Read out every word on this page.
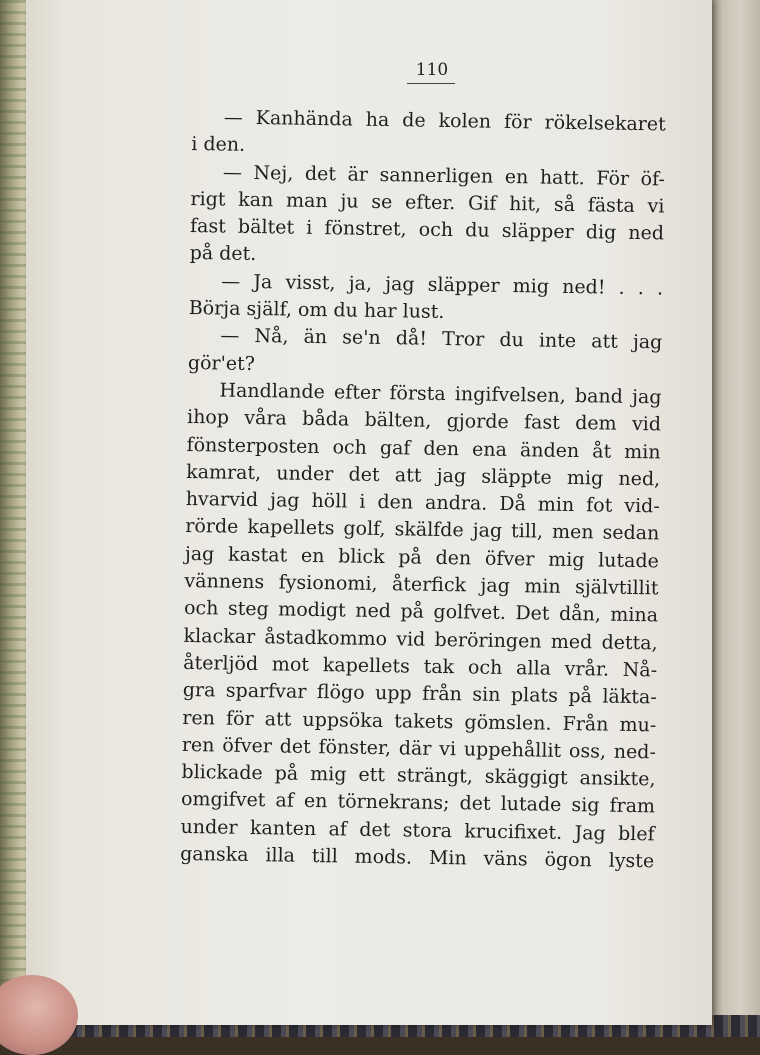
110
— Kanhända ha de kolen för rökelsekaret
i den.
— Nej, det är sannerligen en hatt. För öf-
rigt kan man ju se efter. Gif hit, så fästa vi
fast bältet i fönstret, och du släpper dig ned
på det.
— Ja visst, ja, jag släpper mig ned! . . .
Börja själf, om du har lust.
— Nå, än se'n då! Tror du inte att jag
gör'et?
Handlande efter första ingifvelsen, band jag
ihop våra båda bälten, gjorde fast dem vid
fönsterposten och gaf den ena änden åt min
kamrat, under det att jag släppte mig ned,
hvarvid jag höll i den andra. Då min fot vid-
rörde kapellets golf, skälfde jag till, men sedan
jag kastat en blick på den öfver mig lutade
vännens fysionomi, återfick jag min självtillit
och steg modigt ned på golfvet. Det dån, mina
klackar åstadkommo vid beröringen med detta,
återljöd mot kapellets tak och alla vrår. Nå-
gra sparfvar flögo upp från sin plats på läkta-
ren för att uppsöka takets gömslen. Från mu-
ren öfver det fönster, där vi uppehållit oss, ned-
blickade på mig ett strängt, skäggigt ansikte,
omgifvet af en törnekrans; det lutade sig fram
under kanten af det stora krucifixet. Jag blef
ganska illa till mods. Min väns ögon lyste
